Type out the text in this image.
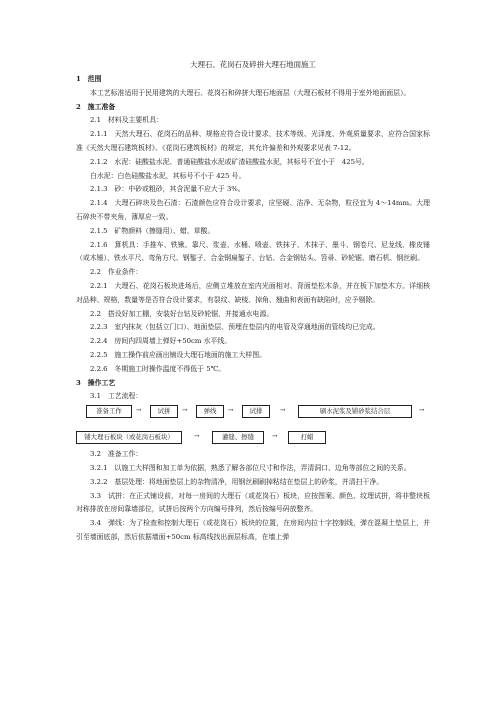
大理石、花岗石及碎拼大理石地面施工
1　范围
本工艺标准适用于民用建筑的大理石、花岗石和碎拼大理石地面层（大理石板材不得用于室外地面面层）。
2　施工准备
2.1　材料及主要机具：
2.1.1　天然大理石、花岗石的品种、规格应符合设计要求，技术等级、光泽度、外观质量要求，应符合国家标准《天然大理石建筑板材》、《花岗石建筑板材》的规定，其允许偏差和外观要求见表 7-12。
2.1.2　水泥：硅酸盐水泥、普通硅酸盐水泥或矿渣硅酸盐水泥，其标号不宜小于　425号。
白水泥：白色硅酸盐水泥，其标号不小于 425 号。
2.1.3　砂：中砂或粗砂，其含泥量不应大于 3%。
2.1.4　大理石碎块及色石渣：石渣颜色应符合设计要求，应坚硬、洁净、无杂物，粒径宜为 4～14mm。大理石碎块不带夹角，薄厚应一致。
2.1.5　矿物颜料（擦缝用）、蜡、草酸。
2.1.6　算机具：手推车、铁锹、靠尺、浆壶、水桶、喷壶、铁抹子、木抹子、墨斗、钢卷尺、尼龙线、橡皮锤（或木锤）、铁水平尺、弯角方尺、钢錾子、合金钢扁錾子、台钻、合金钢钻头、笤帚、砂轮锯、磨石机、钢丝刷。
2.2　作业条件：
2.2.1　大理石、花岗石板块进场后，应侧立堆放在室内光面相对、背面垫松木条，并在板下加垫木方。详细核对品种、规格，数量等是否符合设计要求，有裂纹、缺棱、掉角、翘曲和表面有缺陷时，应予剔除。
2.2　搭设好加工棚，安装好台钻及砂轮锯，并接通水电源。
2.2.3　室内抹灰（包括立门口）、地面垫层、预埋在垫层内的电管及穿通地面的管线均已完成。
2.2.4　房间内四周墙上弹好+50cm 水平线。
2.2.5　施工操作前应画出铺设大理石地面的施工大样图。
2.2.6　冬期施工时操作温度不得低于 5℃。
3　操作工艺
3.1　工艺流程：
准备工作	→	试拼	→	弹线	→	试排	→	刷水泥浆及铺砂浆结合层	→
铺大理石板块（或花岗石板块）	→	灌缝、擦缝	→	打蜡
3.2　准备工作：
3.2.1　以施工大样图和加工单为依据，熟悉了解各部位尺寸和作法，弄清洞口、边角等部位之间的关系。
3.2.2　基层处理：将地面垫层上的杂物清净，用钢丝刷刷掉粘结在垫层上的砂浆，并清扫干净。
3.3　试拼：在正式铺设前，对每一房间的大理石（或花岗石）板块，应按图案、颜色、纹理试拼，将非整块板对称排放在房间靠墙部位，试拼后按两个方向编号排列，然后按编号码放整齐。
3.4　弹线：为了检查和控制大理石（或花岗石）板块的位置，在房间内拉十字控制线，弹在混凝土垫层上，并引至墙面底部，然后依据墙面+50cm 标高线找出面层标高，在墙上弹
